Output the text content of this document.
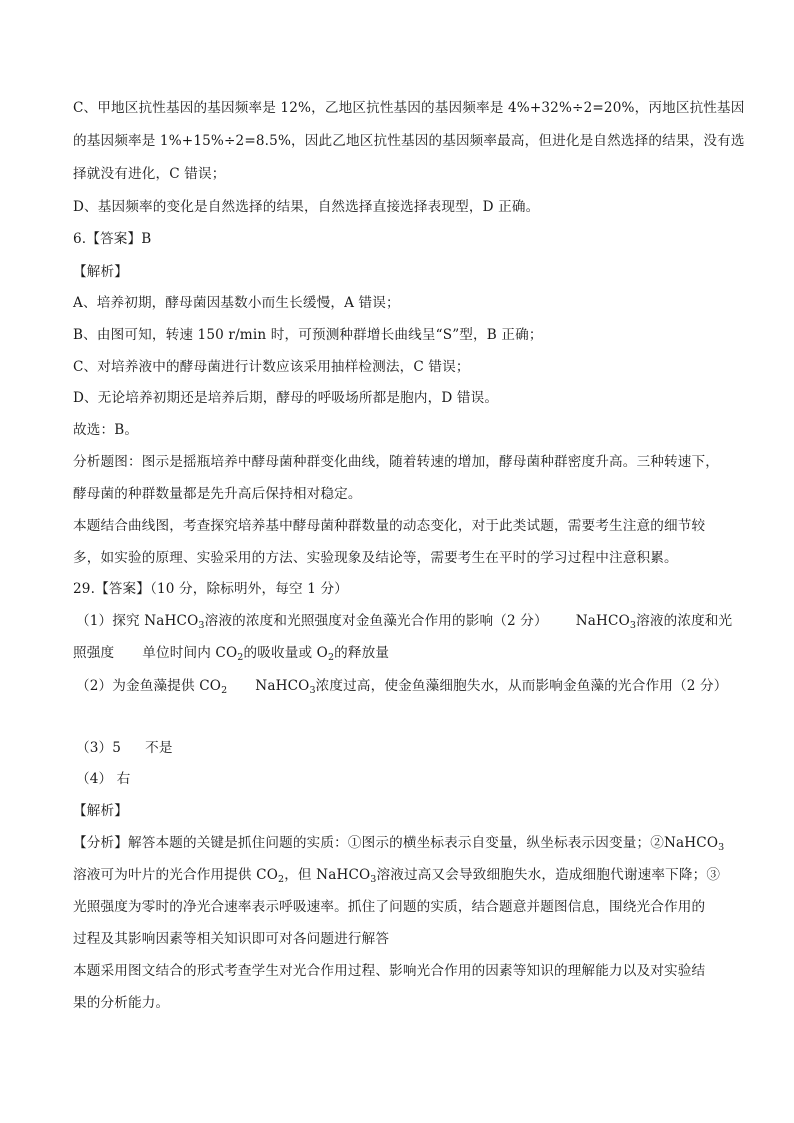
C、甲地区抗性基因的基因频率是 12%，乙地区抗性基因的基因频率是 4%+32%÷2=20%，丙地区抗性基因
的基因频率是 1%+15%÷2=8.5%，因此乙地区抗性基因的基因频率最高，但进化是自然选择的结果，没有选
择就没有进化，C 错误；
D、基因频率的变化是自然选择的结果，自然选择直接选择表现型，D 正确。
6.【答案】B
【解析】
A、培养初期，酵母菌因基数小而生长缓慢，A 错误；
B、由图可知，转速 150 r/min 时，可预测种群增长曲线呈“S”型，B 正确；
C、对培养液中的酵母菌进行计数应该采用抽样检测法，C 错误；
D、无论培养初期还是培养后期，酵母的呼吸场所都是胞内，D 错误。
故选：B。
分析题图：图示是摇瓶培养中酵母菌种群变化曲线，随着转速的增加，酵母菌种群密度升高。三种转速下，
酵母菌的种群数量都是先升高后保持相对稳定。
本题结合曲线图，考查探究培养基中酵母菌种群数量的动态变化，对于此类试题，需要考生注意的细节较
多，如实验的原理、实验采用的方法、实验现象及结论等，需要考生在平时的学习过程中注意积累。
29.【答案】（10 分，除标明外，每空 1 分）
（1）探究 NaHCO$_3$溶液的浓度和光照强度对金鱼藻光合作用的影响（2 分） NaHCO$_3$溶液的浓度和光
照强度 单位时间内 $CO_2$的吸收量或 $O_2$的释放量
（2）为金鱼藻提供 $CO_2$ NaHCO$_3$浓度过高，使金鱼藻细胞失水，从而影响金鱼藻的光合作用（2 分）
（3）5 不是
（4） 右
【解析】
【分析】解答本题的关键是抓住问题的实质：①图示的横坐标表示自变量，纵坐标表示因变量；②NaHCO$_3$
溶液可为叶片的光合作用提供 $CO_2$，但 NaHCO$_3$溶液过高又会导致细胞失水，造成细胞代谢速率下降；③
光照强度为零时的净光合速率表示呼吸速率。抓住了问题的实质，结合题意并题图信息，围绕光合作用的
过程及其影响因素等相关知识即可对各问题进行解答
本题采用图文结合的形式考查学生对光合作用过程、影响光合作用的因素等知识的理解能力以及对实验结
果的分析能力。
